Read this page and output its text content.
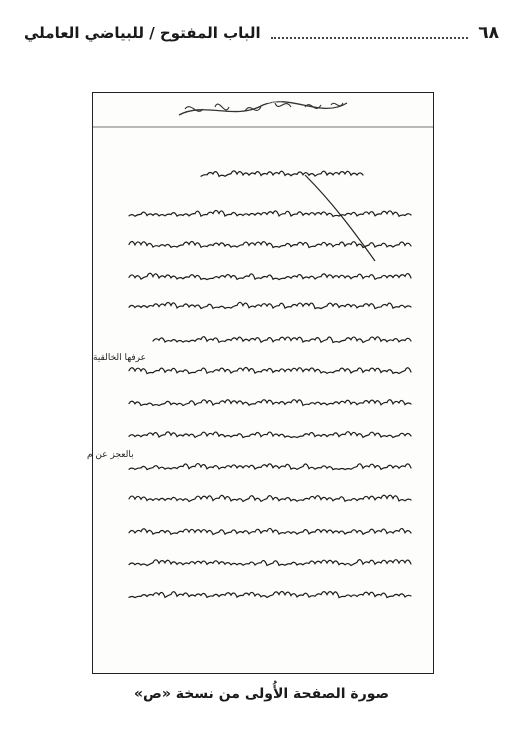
٦٨
الباب المفتوح / للبياضي العاملي
مكتبة العلامة المجلسي
عرفها الخالقية
بالعجز عن م
صورة الصفحة الأُولى من نسخة «ص»
